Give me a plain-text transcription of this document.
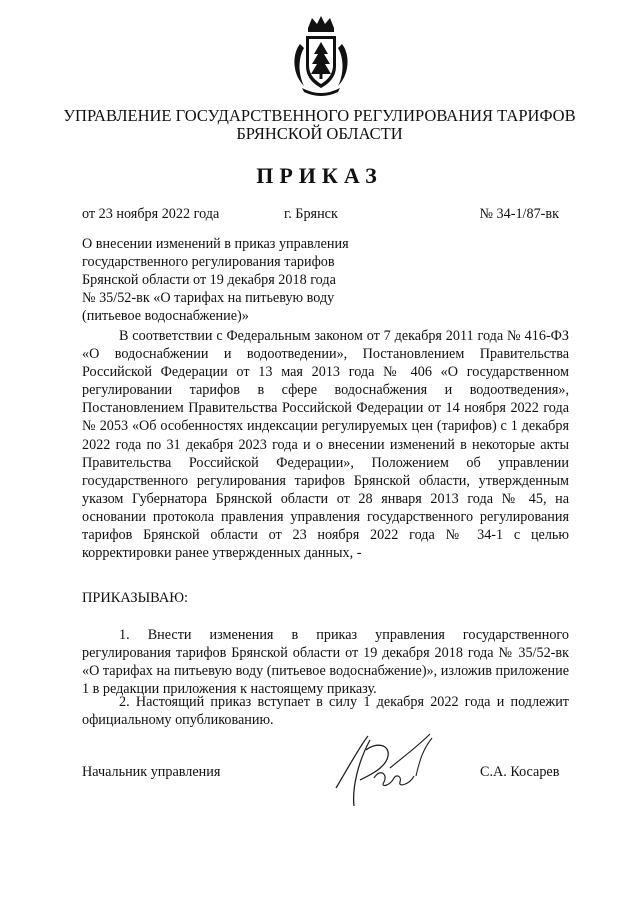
УПРАВЛЕНИЕ ГОСУДАРСТВЕННОГО РЕГУЛИРОВАНИЯ ТАРИФОВ
БРЯНСКОЙ ОБЛАСТИ
ПРИКАЗ
от 23 ноября 2022 года	г. Брянск	№ 34-1/87-вк
О внесении изменений в приказ управления
государственного регулирования тарифов
Брянской области от 19 декабря 2018 года
№ 35/52-вк «О тарифах на питьевую воду
(питьевое водоснабжение)»
В соответствии с Федеральным законом от 7 декабря 2011 года № 416-ФЗ «О водоснабжении и водоотведении», Постановлением Правительства Российской Федерации от 13 мая 2013 года № 406 «О государственном регулировании тарифов в сфере водоснабжения и водоотведения», Постановлением Правительства Российской Федерации от 14 ноября 2022 года № 2053 «Об особенностях индексации регулируемых цен (тарифов) с 1 декабря 2022 года по 31 декабря 2023 года и о внесении изменений в некоторые акты Правительства Российской Федерации», Положением об управлении государственного регулирования тарифов Брянской области, утвержденным указом Губернатора Брянской области от 28 января 2013 года № 45, на основании протокола правления управления государственного регулирования тарифов Брянской области от 23 ноября 2022 года № 34-1 с целью корректировки ранее утвержденных данных, -
ПРИКАЗЫВАЮ:
1. Внести изменения в приказ управления государственного регулирования тарифов Брянской области от 19 декабря 2018 года № 35/52-вк «О тарифах на питьевую воду (питьевое водоснабжение)», изложив приложение 1 в редакции приложения к настоящему приказу.
2. Настоящий приказ вступает в силу 1 декабря 2022 года и подлежит официальному опубликованию.
Начальник управления	С.А. Косарев
